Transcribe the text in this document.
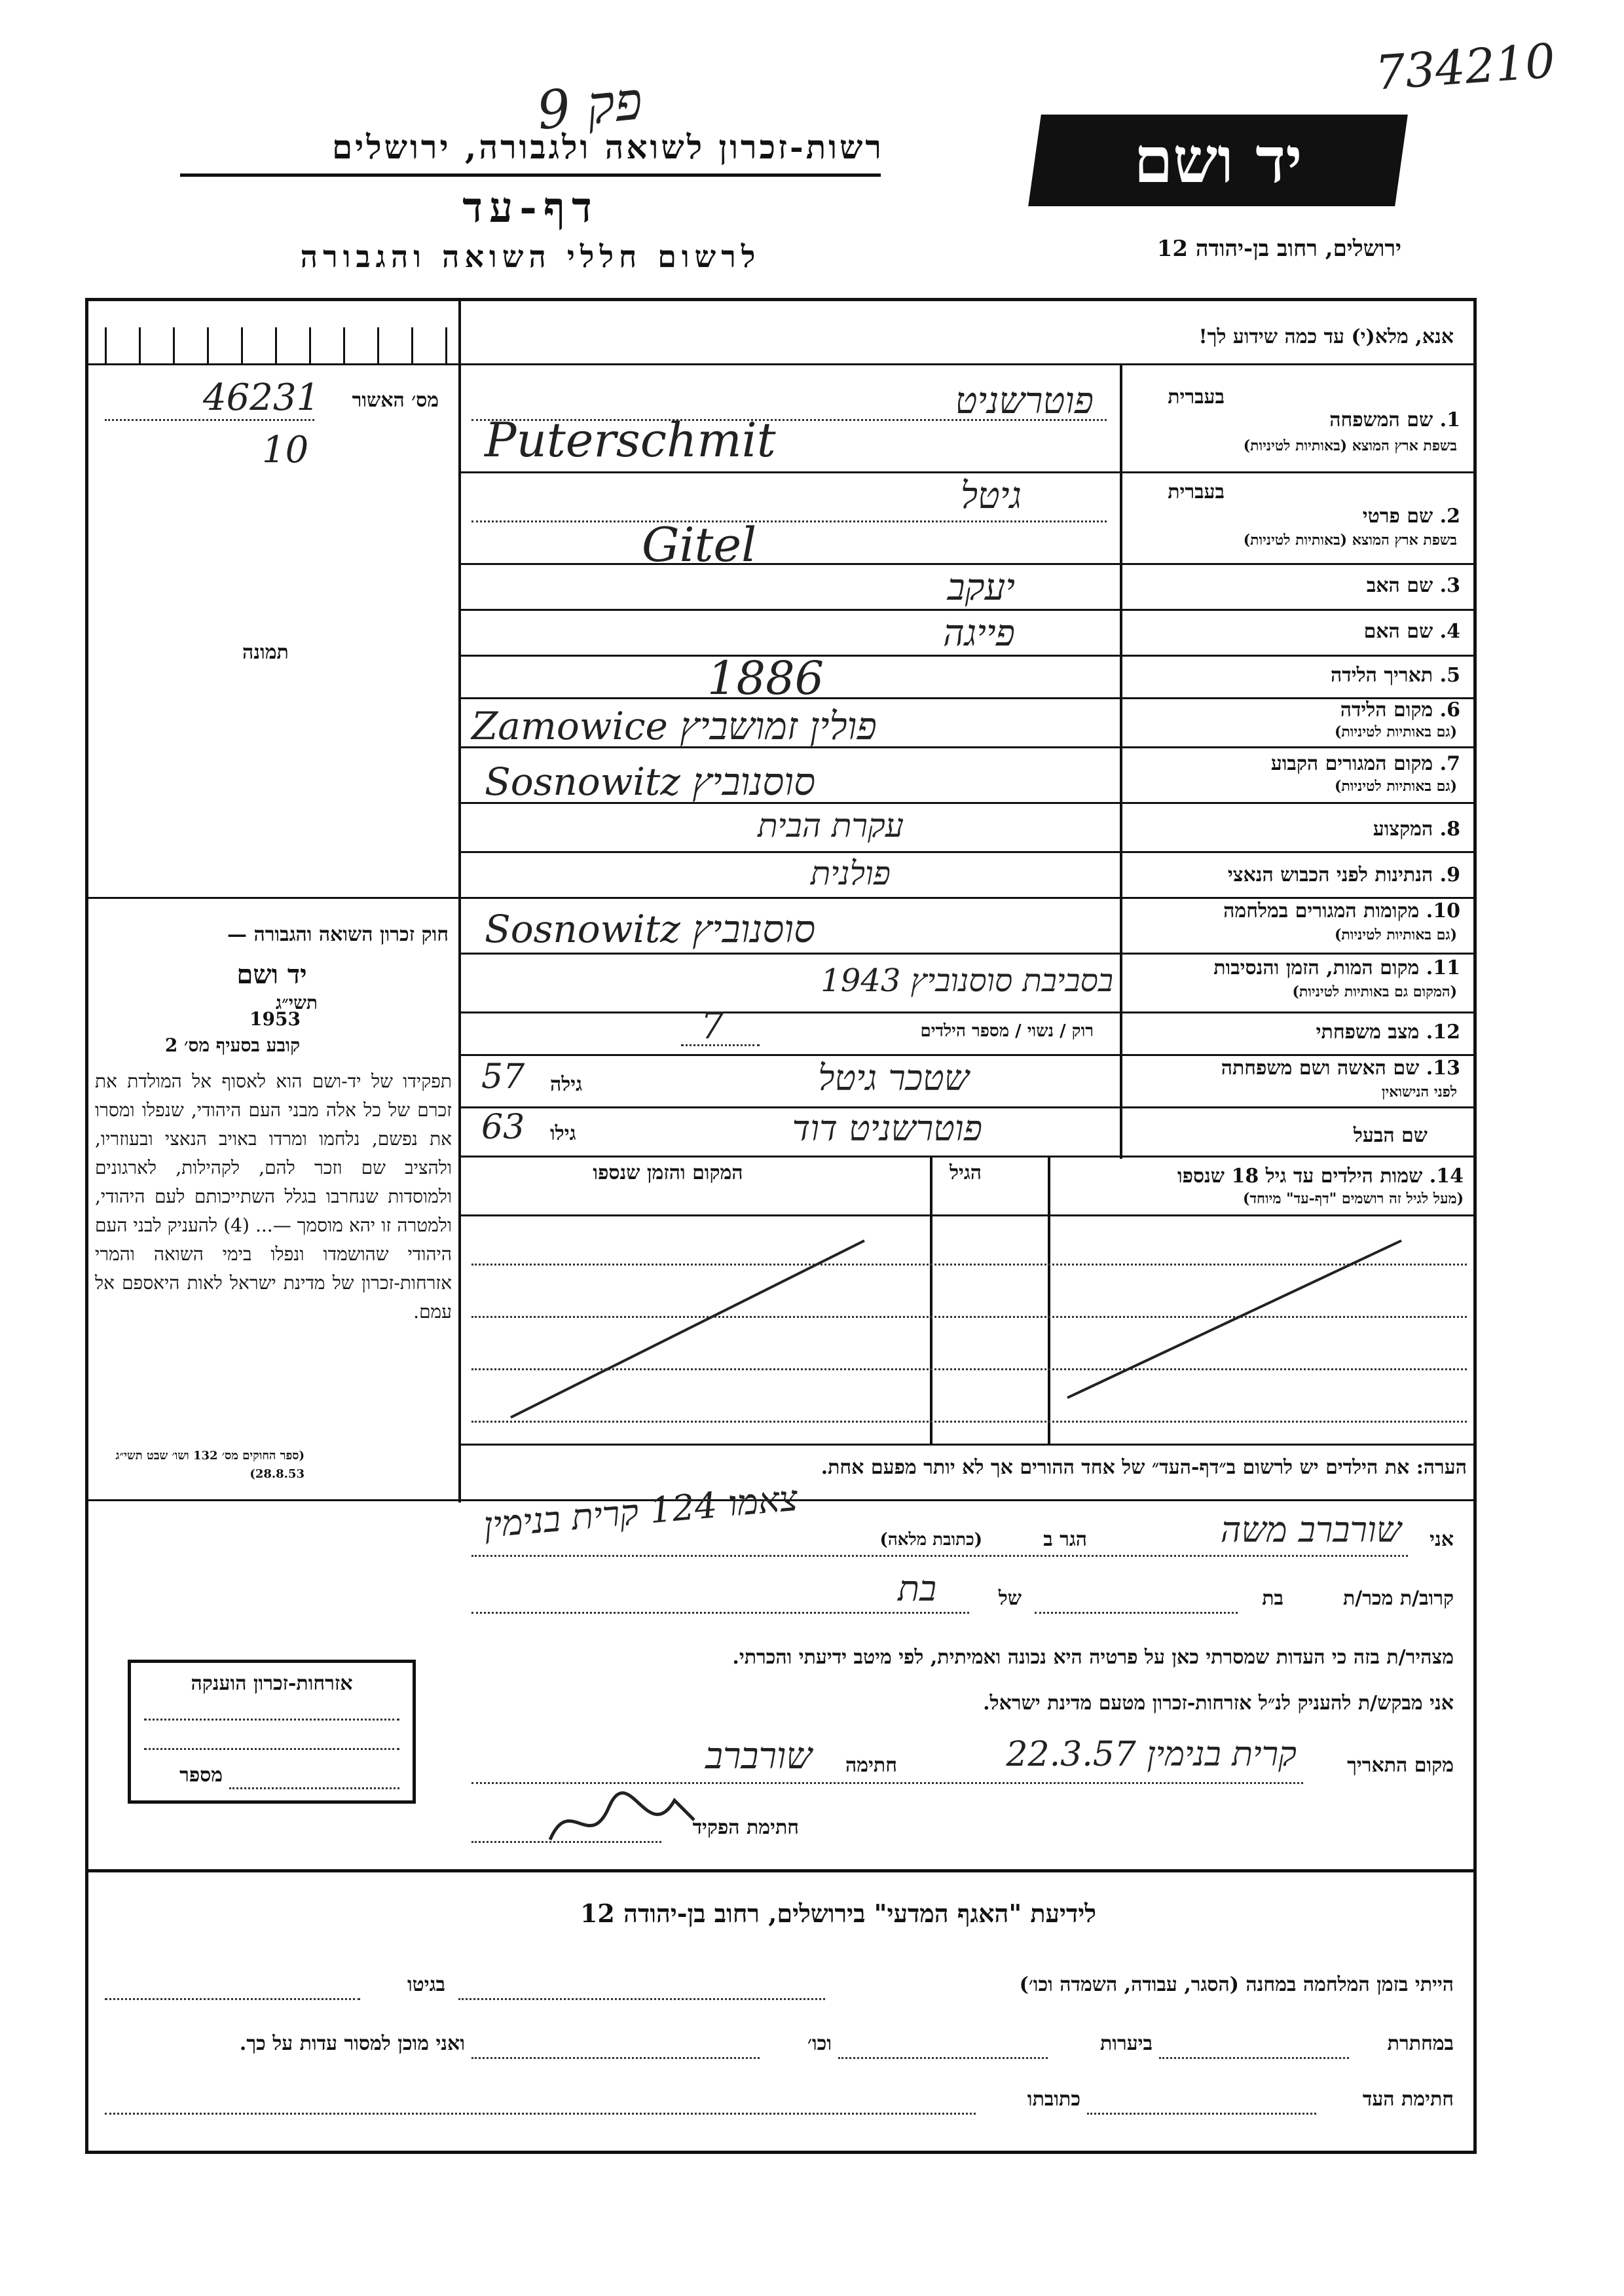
734210
פק 9
רשות-זכרון לשואה ולגבורה, ירושלים
דף-עד
לרשום חללי השואה והגבורה
יד ושם
ירושלים, רחוב בן-יהודה 12
אנא, מלא(י) עד כמה שידוע לך!
מס׳ האשור
46231
10
תמונה
חוק זכרון השואה והגבורה —
יד ושם
תשי״ג
1953
קובע בסעיף מס׳ 2
תפקידו של יד-ושם הוא לאסוף אל המולדת את זכרם של כל אלה מבני העם היהודי, שנפלו ומסרו את נפשם, נלחמו ומרדו באויב הנאצי ובעוזריו, ולהציב שם וזכר להם, לקהילות, לארגונים ולמוסדות שנחרבו בגלל השתייכותם לעם היהודי, ולמטרה זו יהא מוסמך —... (4) להעניק לבני העם היהודי שהושמדו ונפלו בימי השואה והמרי אזרחות-זכרון של מדינת ישראל לאות היאספם אל עמם.
(ספר החוקים מס׳ 132 ושו׳ שבט תשי״ג 28.8.53)
בעברית
1. שם המשפחה
בשפת ארץ המוצא (באותיות לטיניות)
פוטרשניט
Puterschmit
בעברית
2. שם פרטי
בשפת ארץ המוצא (באותיות לטיניות)
גיטל
Gitel
3. שם האב
יעקב
4. שם האם
פייגה
5. תאריך הלידה
1886
6. מקום הלידה
(גם באותיות לטיניות)
Zamowice פולין זמושביץ
7. מקום המגורים הקבוע
(גם באותיות לטיניות)
Sosnowitz סוסנוביץ
8. המקצוע
עקרת הבית
9. הנתינות לפני הכבוש הנאצי
פולנית
10. מקומות המגורים במלחמה
(גם באותיות לטיניות)
Sosnowitz סוסנוביץ
11. מקום המות, הזמן והנסיבות
(המקום גם באותיות לטיניות)
בסביבת סוסנוביץ 1943
12. מצב משפחתי
רוק / נשוי / מספר הילדים
7
13. שם האשה ושם משפחתה
לפני הנישואין
גילה
57	שטכר גיטל
שם הבעל
גילו
63	פוטרשניט דוד
14. שמות הילדים עד גיל 18 שנספו
(מעל לגיל זה רושמים "דף-עד" מיוחד)
הגיל
המקום והזמן שנספו
הערה: את הילדים יש לרשום ב״דף-העד״ של אחד ההורים אך לא יותר מפעם אחת.
אני
שורברב משה
הגר ב
(כתובת מלאה)
צאמו 124 קרית בנימין
קרוב/ת מכר/ת
בת
של
בת
מצהיר/ת בזה כי העדות שמסרתי כאן על פרטיה היא נכונה ואמיתית, לפי מיטב ידיעתי והכרתי.
אני מבקש/ת להעניק לנ״ל אזרחות-זכרון מטעם מדינת ישראל.
מקום התאריך
קרית בנימין 22.3.57
חתימה
שורברב
חתימת הפקיד
אזרחות-זכרון הוענקה
מספר
לידיעת "האגף המדעי" בירושלים, רחוב בן-יהודה 12
הייתי בזמן המלחמה במחנה (הסגר, עבודה, השמדה וכו׳)
בגיטו
במחתרת
ביערות
וכו׳
ואני מוכן למסור עדות על כך.
חתימת העד
כתובתו
